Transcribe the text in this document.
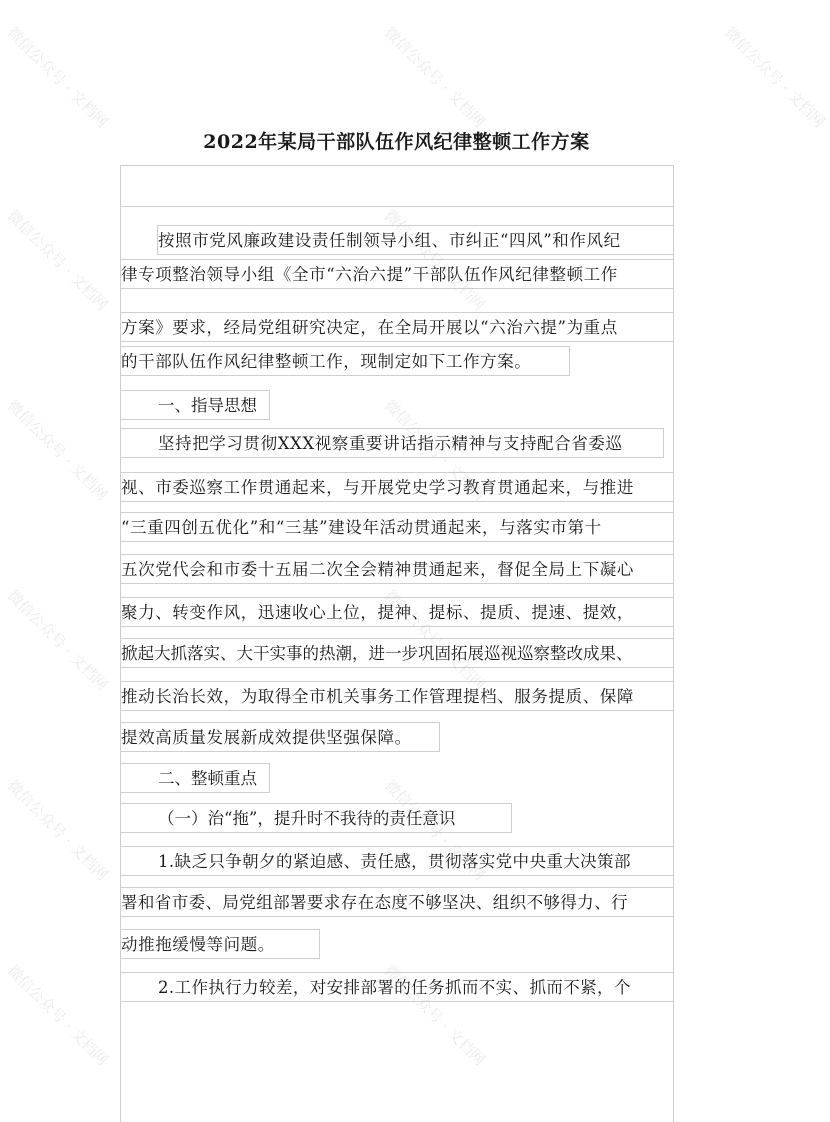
2022年某局干部队伍作风纪律整顿工作方案
按照市党风廉政建设责任制领导小组、市纠正“四风”和作风纪
律专项整治领导小组《全市“六治六提”干部队伍作风纪律整顿工作
方案》要求，经局党组研究决定，在全局开展以“六治六提”为重点
的干部队伍作风纪律整顿工作，现制定如下工作方案。
一、指导思想
坚持把学习贯彻XXX视察重要讲话指示精神与支持配合省委巡
视、市委巡察工作贯通起来，与开展党史学习教育贯通起来，与推进
“三重四创五优化”和“三基”建设年活动贯通起来，与落实市第十
五次党代会和市委十五届二次全会精神贯通起来，督促全局上下凝心
聚力、转变作风，迅速收心上位，提神、提标、提质、提速、提效，
掀起大抓落实、大干实事的热潮，进一步巩固拓展巡视巡察整改成果、
推动长治长效，为取得全市机关事务工作管理提档、服务提质、保障
提效高质量发展新成效提供坚强保障。
二、整顿重点
（一）治“拖”，提升时不我待的责任意识
1.缺乏只争朝夕的紧迫感、责任感，贯彻落实党中央重大决策部
署和省市委、局党组部署要求存在态度不够坚决、组织不够得力、行
动推拖缓慢等问题。
2.工作执行力较差，对安排部署的任务抓而不实、抓而不紧，个
微信公众号 · 文档网	微信公众号 · 文档网	微信公众号 · 文档网
微信公众号 · 文档网	微信公众号 · 文档网
微信公众号 · 文档网	微信公众号 · 文档网
微信公众号 · 文档网	微信公众号 · 文档网
微信公众号 · 文档网	微信公众号 · 文档网
微信公众号 · 文档网	微信公众号 · 文档网
